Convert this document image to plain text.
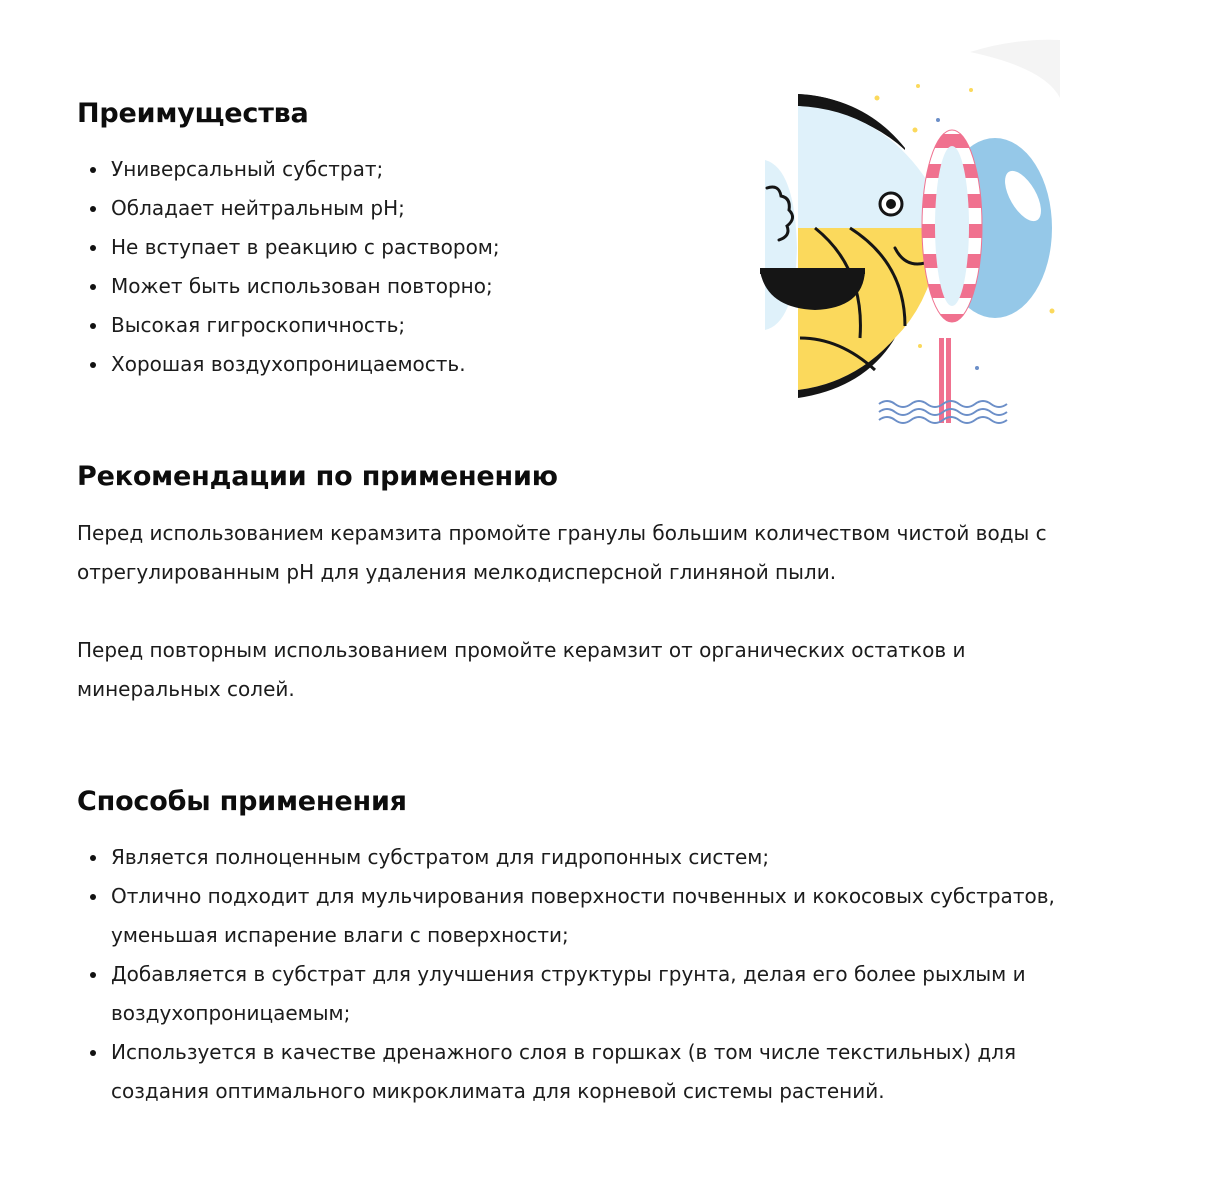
Преимущества
Универсальный субстрат;
Обладает нейтральным pH;
Не вступает в реакцию с раствором;
Может быть использован повторно;
Высокая гигроскопичность;
Хорошая воздухопроницаемость.
Рекомендации по применению

Перед использованием керамзита промойте гранулы большим количеством чистой воды с отрегулированным pH для удаления мелкодисперсной глиняной пыли.

Перед повторным использованием промойте керамзит от органических остатков и минеральных солей.

Способы применения
Является полноценным субстратом для гидропонных систем;
Отлично подходит для мульчирования поверхности почвенных и кокосовых субстратов, уменьшая испарение влаги с поверхности;
Добавляется в субстрат для улучшения структуры грунта, делая его более рыхлым и воздухопроницаемым;
Используется в качестве дренажного слоя в горшках (в том числе текстильных) для создания оптимального микроклимата для корневой системы растений.
